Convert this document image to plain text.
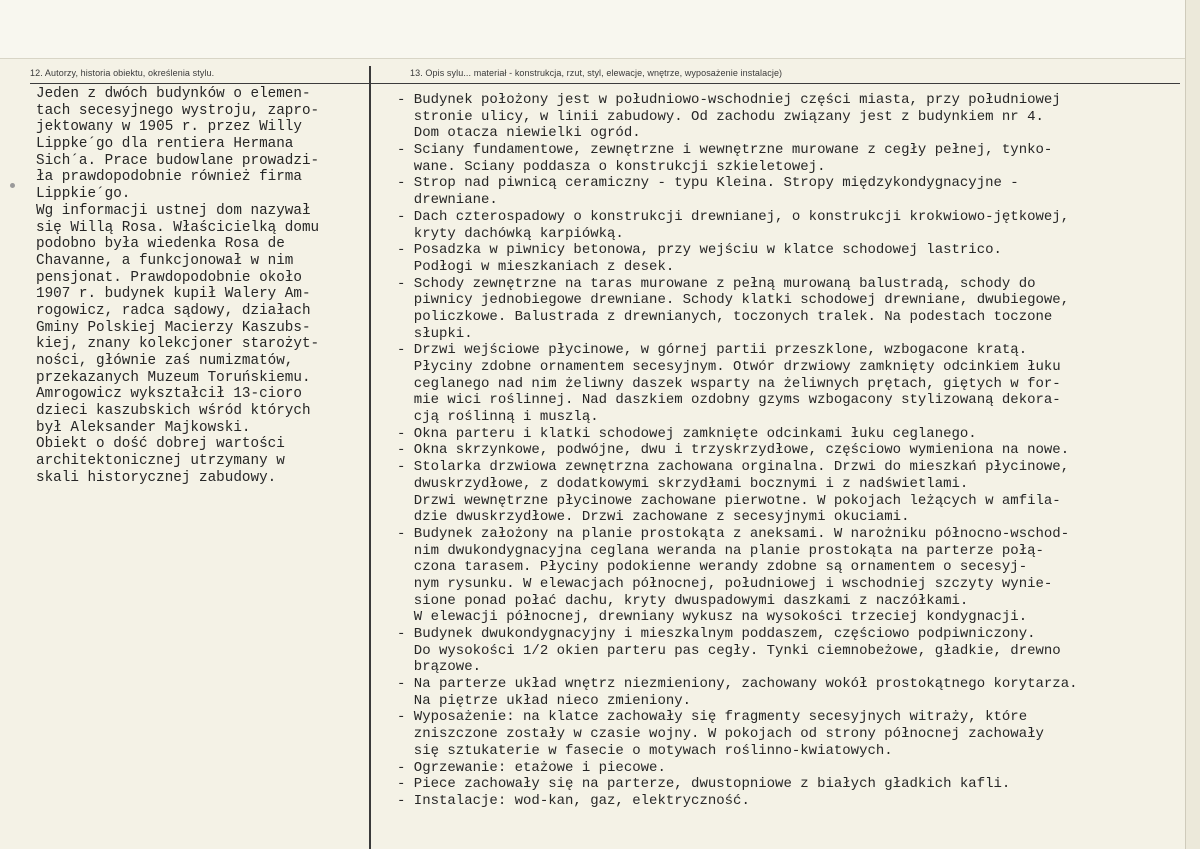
12. Autorzy, historia obiektu, określenia stylu.	13. Opis sylu... materiał - konstrukcja, rzut, styl, elewacje, wnętrze, wyposażenie instalacje)
Jeden z dwóch budynków o elemen-
tach secesyjnego wystroju, zapro-
jektowany w 1905 r. przez Willy
Lippke´go dla rentiera Hermana
Sich´a. Prace budowlane prowadzi-
ła prawdopodobnie również firma
Lippkie´go.
Wg informacji ustnej dom nazywał
się Willą Rosa. Właścicielką domu
podobno była wiedenka Rosa de
Chavanne, a funkcjonował w nim
pensjonat. Prawdopodobnie około
1907 r. budynek kupił Walery Am-
rogowicz, radca sądowy, działach
Gminy Polskiej Macierzy Kaszubs-
kiej, znany kolekcjoner starożyt-
ności, głównie zaś numizmatów,
przekazanych Muzeum Toruńskiemu.
Amrogowicz wykształcił 13-cioro
dzieci kaszubskich wśród których
był Aleksander Majkowski.
Obiekt o dość dobrej wartości
architektonicznej utrzymany w
skali historycznej zabudowy.
- Budynek położony jest w południowo-wschodniej części miasta, przy południowej
stronie ulicy, w linii zabudowy. Od zachodu związany jest z budynkiem nr 4.
Dom otacza niewielki ogród.
- Sciany fundamentowe, zewnętrzne i wewnętrzne murowane z cegły pełnej, tynko-
wane. Sciany poddasza o konstrukcji szkieletowej.
- Strop nad piwnicą ceramiczny - typu Kleina. Stropy międzykondygnacyjne -
drewniane.
- Dach czterospadowy o konstrukcji drewnianej, o konstrukcji krokwiowo-jętkowej,
kryty dachówką karpiówką.
- Posadzka w piwnicy betonowa, przy wejściu w klatce schodowej lastrico.
Podłogi w mieszkaniach z desek.
- Schody zewnętrzne na taras murowane z pełną murowaną balustradą, schody do
piwnicy jednobiegowe drewniane. Schody klatki schodowej drewniane, dwubiegowe,
policzkowe. Balustrada z drewnianych, toczonych tralek. Na podestach toczone
słupki.
- Drzwi wejściowe płycinowe, w górnej partii przeszklone, wzbogacone kratą.
Płyciny zdobne ornamentem secesyjnym. Otwór drzwiowy zamknięty odcinkiem łuku
ceglanego nad nim żeliwny daszek wsparty na żeliwnych prętach, giętych w for-
mie wici roślinnej. Nad daszkiem ozdobny gzyms wzbogacony stylizowaną dekora-
cją roślinną i muszlą.
- Okna parteru i klatki schodowej zamknięte odcinkami łuku ceglanego.
- Okna skrzynkowe, podwójne, dwu i trzyskrzydłowe, częściowo wymieniona na nowe.
- Stolarka drzwiowa zewnętrzna zachowana orginalna. Drzwi do mieszkań płycinowe,
dwuskrzydłowe, z dodatkowymi skrzydłami bocznymi i z nadświetlami.
Drzwi wewnętrzne płycinowe zachowane pierwotne. W pokojach leżących w amfila-
dzie dwuskrzydłowe. Drzwi zachowane z secesyjnymi okuciami.
- Budynek założony na planie prostokąta z aneksami. W narożniku północno-wschod-
nim dwukondygnacyjna ceglana weranda na planie prostokąta na parterze połą-
czona tarasem. Płyciny podokienne werandy zdobne są ornamentem o secesyj-
nym rysunku. W elewacjach północnej, południowej i wschodniej szczyty wynie-
sione ponad połać dachu, kryty dwuspadowymi daszkami z naczółkami.
W elewacji północnej, drewniany wykusz na wysokości trzeciej kondygnacji.
- Budynek dwukondygnacyjny i mieszkalnym poddaszem, częściowo podpiwniczony.
Do wysokości 1/2 okien parteru pas cegły. Tynki ciemnobeżowe, gładkie, drewno
brązowe.
- Na parterze układ wnętrz niezmieniony, zachowany wokół prostokątnego korytarza.
Na piętrze układ nieco zmieniony.
- Wyposażenie: na klatce zachowały się fragmenty secesyjnych witraży, które
zniszczone zostały w czasie wojny. W pokojach od strony północnej zachowały
się sztukaterie w fasecie o motywach roślinno-kwiatowych.
- Ogrzewanie: etażowe i piecowe.
- Piece zachowały się na parterze, dwustopniowe z białych gładkich kafli.
- Instalacje: wod-kan, gaz, elektryczność.
